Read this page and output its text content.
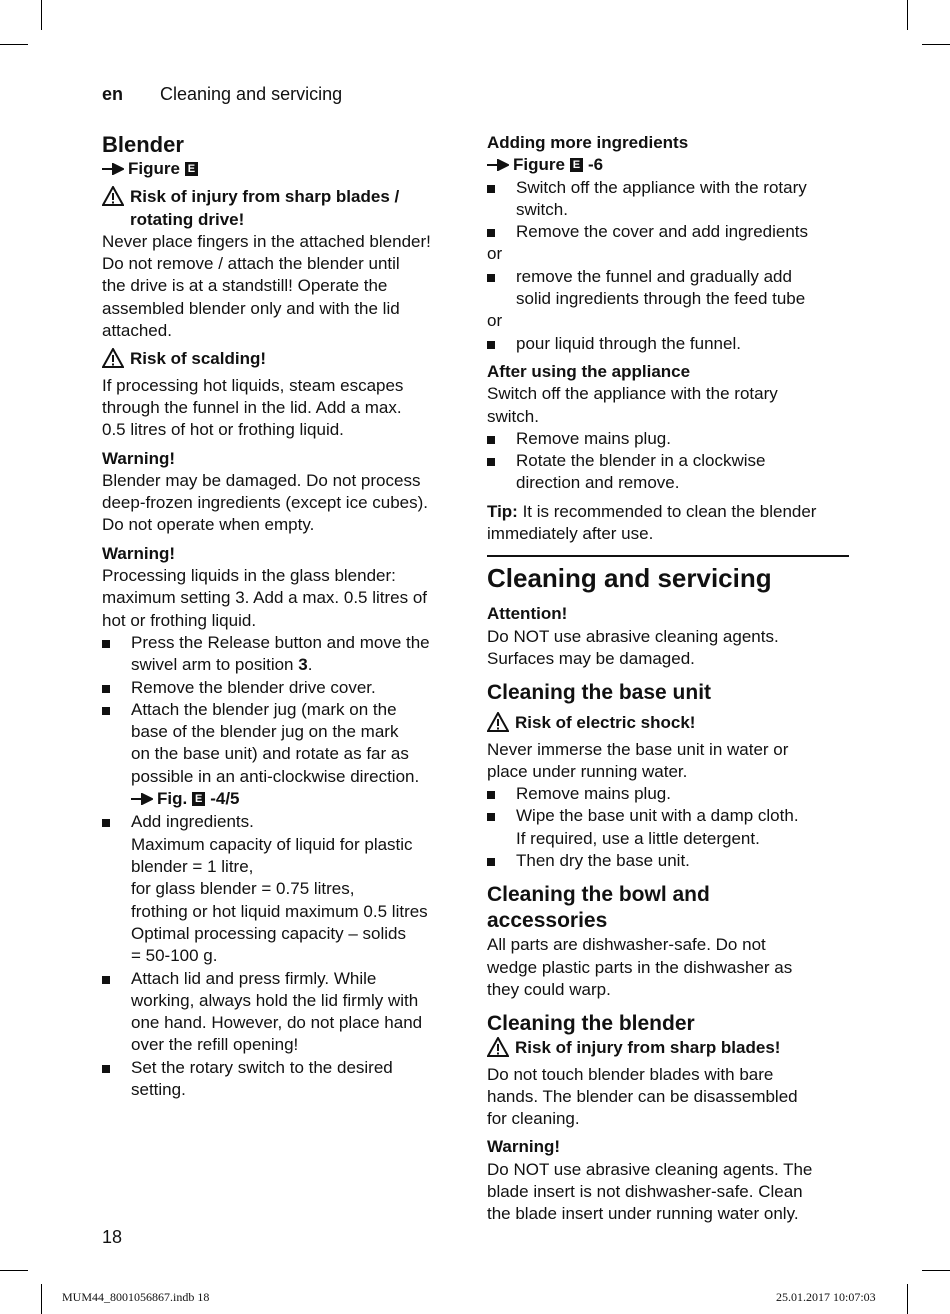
en Cleaning and servicing

Blender

Figure E

Risk of injury from sharp blades /
rotating drive!

Never place fingers in the attached blender!
Do not remove / attach the blender until
the drive is at a standstill! Operate the
assembled blender only and with the lid
attached.

Risk of scalding!

If processing hot liquids, steam escapes
through the funnel in the lid. Add a max.
0.5 litres of hot or frothing liquid.

Warning!

Blender may be damaged. Do not process
deep-frozen ingredients (except ice cubes).
Do not operate when empty.

Warning!

Processing liquids in the glass blender:
maximum setting 3. Add a max. 0.5 litres of
hot or frothing liquid.

Press the Release button and move the
swivel arm to position 3.
Remove the blender drive cover.
Attach the blender jug (mark on the
base of the blender jug on the mark
on the base unit) and rotate as far as
possible in an anti-clockwise direction.

Fig. E -4/5
Add ingredients.
Maximum capacity of liquid for plastic
blender = 1 litre,
for glass blender = 0.75 litres,
frothing or hot liquid maximum 0.5 litres
Optimal processing capacity – solids
= 50-100 g.
Attach lid and press firmly. While
working, always hold the lid firmly with
one hand. However, do not place hand
over the refill opening!
Set the rotary switch to the desired
setting.

Adding more ingredients

Figure E -6

Switch off the appliance with the rotary
switch.
Remove the cover and add ingredients

or

remove the funnel and gradually add
solid ingredients through the feed tube

or

pour liquid through the funnel.

After using the appliance

Switch off the appliance with the rotary
switch.

Remove mains plug.
Rotate the blender in a clockwise
direction and remove.

Tip: It is recommended to clean the blender
immediately after use.

Cleaning and servicing

Attention!

Do NOT use abrasive cleaning agents.
Surfaces may be damaged.

Cleaning the base unit

Risk of electric shock!

Never immerse the base unit in water or
place under running water.

Remove mains plug.
Wipe the base unit with a damp cloth.
If required, use a little detergent.
Then dry the base unit.

Cleaning the bowl and
accessories

All parts are dishwasher-safe. Do not
wedge plastic parts in the dishwasher as
they could warp.

Cleaning the blender

Risk of injury from sharp blades!

Do not touch blender blades with bare
hands. The blender can be disassembled
for cleaning.

Warning!

Do NOT use abrasive cleaning agents. The
blade insert is not dishwasher-safe. Clean
the blade insert under running water only.

18
MUM44_8001056867.indb 18	25.01.2017 10:07:03
